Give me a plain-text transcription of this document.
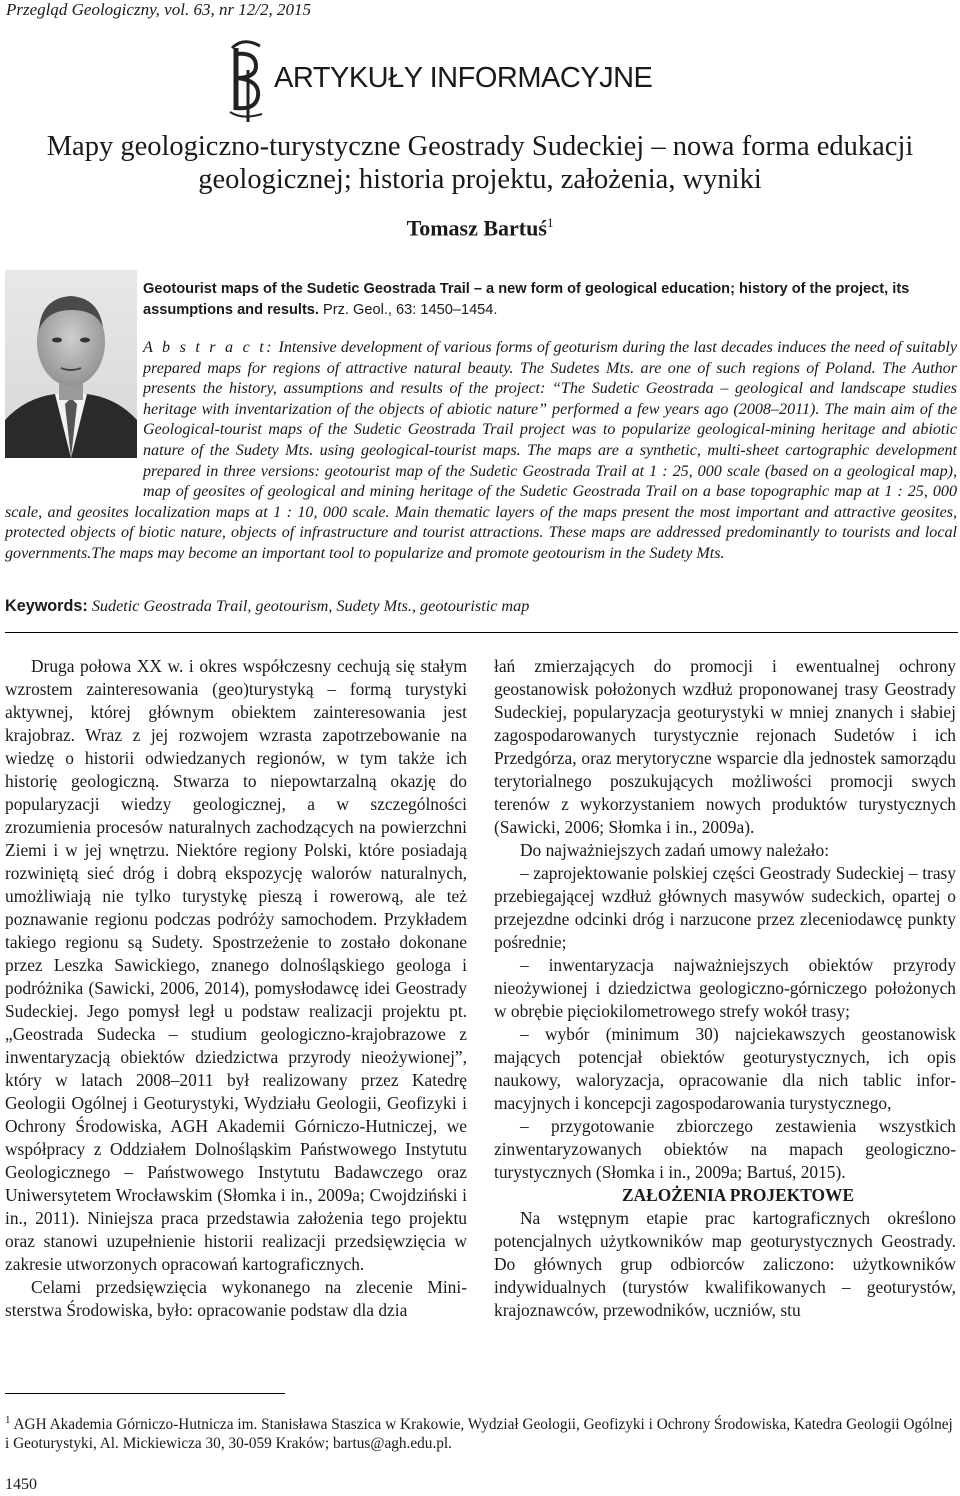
Przegląd Geologiczny, vol. 63, nr 12/2, 2015
ARTYKUŁY INFORMACYJNE
Mapy geologiczno-turystyczne Geostrady Sudeckiej – nowa forma edukacji
geologicznej; historia projektu, założenia, wyniki
Tomasz Bartuś$^1$
Geotourist maps of the Sudetic Geostrada Trail – a new form of geological education; history of the project, its assumptions and results. Prz. Geol., 63: 1450–1454.
A b s t r a c t: Intensive development of various forms of geoturism during the last decades induces the need of suitably prepared maps for regions of attractive natural beauty. The Sudetes Mts. are one of such regions of Poland. The Author presents the history, assumptions and results of the project: “The Sudetic Geostrada – geological and landscape studies heritage with inventarization of the objects of abiotic nature” performed a few years ago (2008–2011). The main aim of the Geological-tourist maps of the Sudetic Geostrada Trail project was to popularize geological-mining heritage and abiotic nature of the Sudety Mts. using geological-tourist maps. The maps are a synthetic, multi-sheet cartographic development prepared in three versions: geotourist map of the Sudetic Geostrada Trail at 1 : 25, 000 scale (based on a geological map), map of geosites of geological and mining heritage of the Sudetic Geostrada Trail on a base topographic map at 1 : 25, 000 scale, and geosites localization maps at 1 : 10, 000 scale. Main thematic layers of the maps present the most important and attractive geosites, protected objects of biotic nature, objects of infrastructure and tourist attractions. These maps are addressed predominantly to tourists and local governments.The maps may become an important tool to popularize and promote geotourism in the Sudety Mts.
Keywords: Sudetic Geostrada Trail, geotourism, Sudety Mts., geotouristic map

Druga połowa XX w. i okres współczesny cechują się stałym wzrostem zainteresowania (geo)turystyką – formą turystyki aktywnej, której głównym obiektem zainteresowania jest krajobraz. Wraz z jej rozwojem wzrasta zapotrzebowanie na wiedzę o historii odwiedzanych regionów, w tym także ich historię geologiczną. Stwarza to niepowtarzalną okazję do popularyzacji wiedzy geologicznej, a w szczególności zrozumienia procesów naturalnych zachodzących na powierzchni Ziemi i w jej wnętrzu. Niektóre regiony Polski, które posiadają rozwiniętą sieć dróg i dobrą ekspozycję walorów naturalnych, umożliwiają nie tylko turystykę pieszą i rowerową, ale też poznawanie regionu podczas podróży samochodem. Przykładem takiego regionu są Sudety. Spostrzeżenie to zostało dokonane przez Leszka Sawickiego, znanego dolnośląskiego geologa i podróżnika (Sawicki, 2006, 2014), pomysłodawcę idei Geostrady Sudeckiej. Jego pomysł legł u podstaw realizacji projektu pt. „Geostrada Sudecka – studium geologiczno-krajobrazowe z inwentaryzacją obiektów dziedzictwa przyrody nieożywionej”, który w latach 2008–2011 był realizowany przez Katedrę Geologii Ogólnej i Geoturystyki, Wydziału Geologii, Geofizyki i Ochrony Środowiska, AGH Akademii Górniczo-Hutniczej, we współpracy z Oddziałem Dolnośląskim Państwowego Instytutu Geologicznego – Państwowego Instytutu Badawczego oraz Uniwersytetem Wrocławskim (Słomka i in., 2009a; Cwojdziński i in., 2011). Niniejsza praca przedstawia założenia tego projektu oraz stanowi uzupełnienie historii realizacji przedsięwzięcia w zakresie utworzonych opracowań kartograficznych.

Celami przedsięwzięcia wykonanego na zlecenie Ministerstwa Środowiska, było: opracowanie podstaw dla dzia

łań zmierzających do promocji i ewentualnej ochrony geostanowisk położonych wzdłuż proponowanej trasy Geostrady Sudeckiej, popularyzacja geoturystyki w mniej znanych i słabiej zagospodarowanych turystycznie rejonach Sudetów i ich Przedgórza, oraz merytoryczne wsparcie dla jednostek samorządu terytorialnego poszukujących możliwości promocji swych terenów z wykorzystaniem nowych produktów turystycznych (Sawicki, 2006; Słomka i in., 2009a).

Do najważniejszych zadań umowy należało:

– zaprojektowanie polskiej części Geostrady Sudeckiej – trasy przebiegającej wzdłuż głównych masywów sudeckich, opartej o przejezdne odcinki dróg i narzucone przez zleceniodawcę punkty pośrednie;

– inwentaryzacja najważniejszych obiektów przyrody nieożywionej i dziedzictwa geologiczno-górniczego położonych w obrębie pięciokilometrowego strefy wokół trasy;

– wybór (minimum 30) najciekawszych geostanowisk mających potencjał obiektów geoturystycznych, ich opis naukowy, waloryzacja, opracowanie dla nich tablic informacyjnych i koncepcji zagospodarowania turystycznego,

– przygotowanie zbiorczego zestawienia wszystkich zinwentaryzowanych obiektów na mapach geologiczno-turystycznych (Słomka i in., 2009a; Bartuś, 2015).

ZAŁOŻENIA PROJEKTOWE

Na wstępnym etapie prac kartograficznych określono potencjalnych użytkowników map geoturystycznych Geostrady. Do głównych grup odbiorców zaliczono: użytkowników indywidualnych (turystów kwalifikowanych – geoturystów, krajoznawców, przewodników, uczniów, stu

$^1$ AGH Akademia Górniczo-Hutnicza im. Stanisława Staszica w Krakowie, Wydział Geologii, Geofizyki i Ochrony Środowiska, Katedra Geologii Ogólnej i Geoturystyki, Al. Mickiewicza 30, 30-059 Kraków; bartus@agh.edu.pl.
1450
